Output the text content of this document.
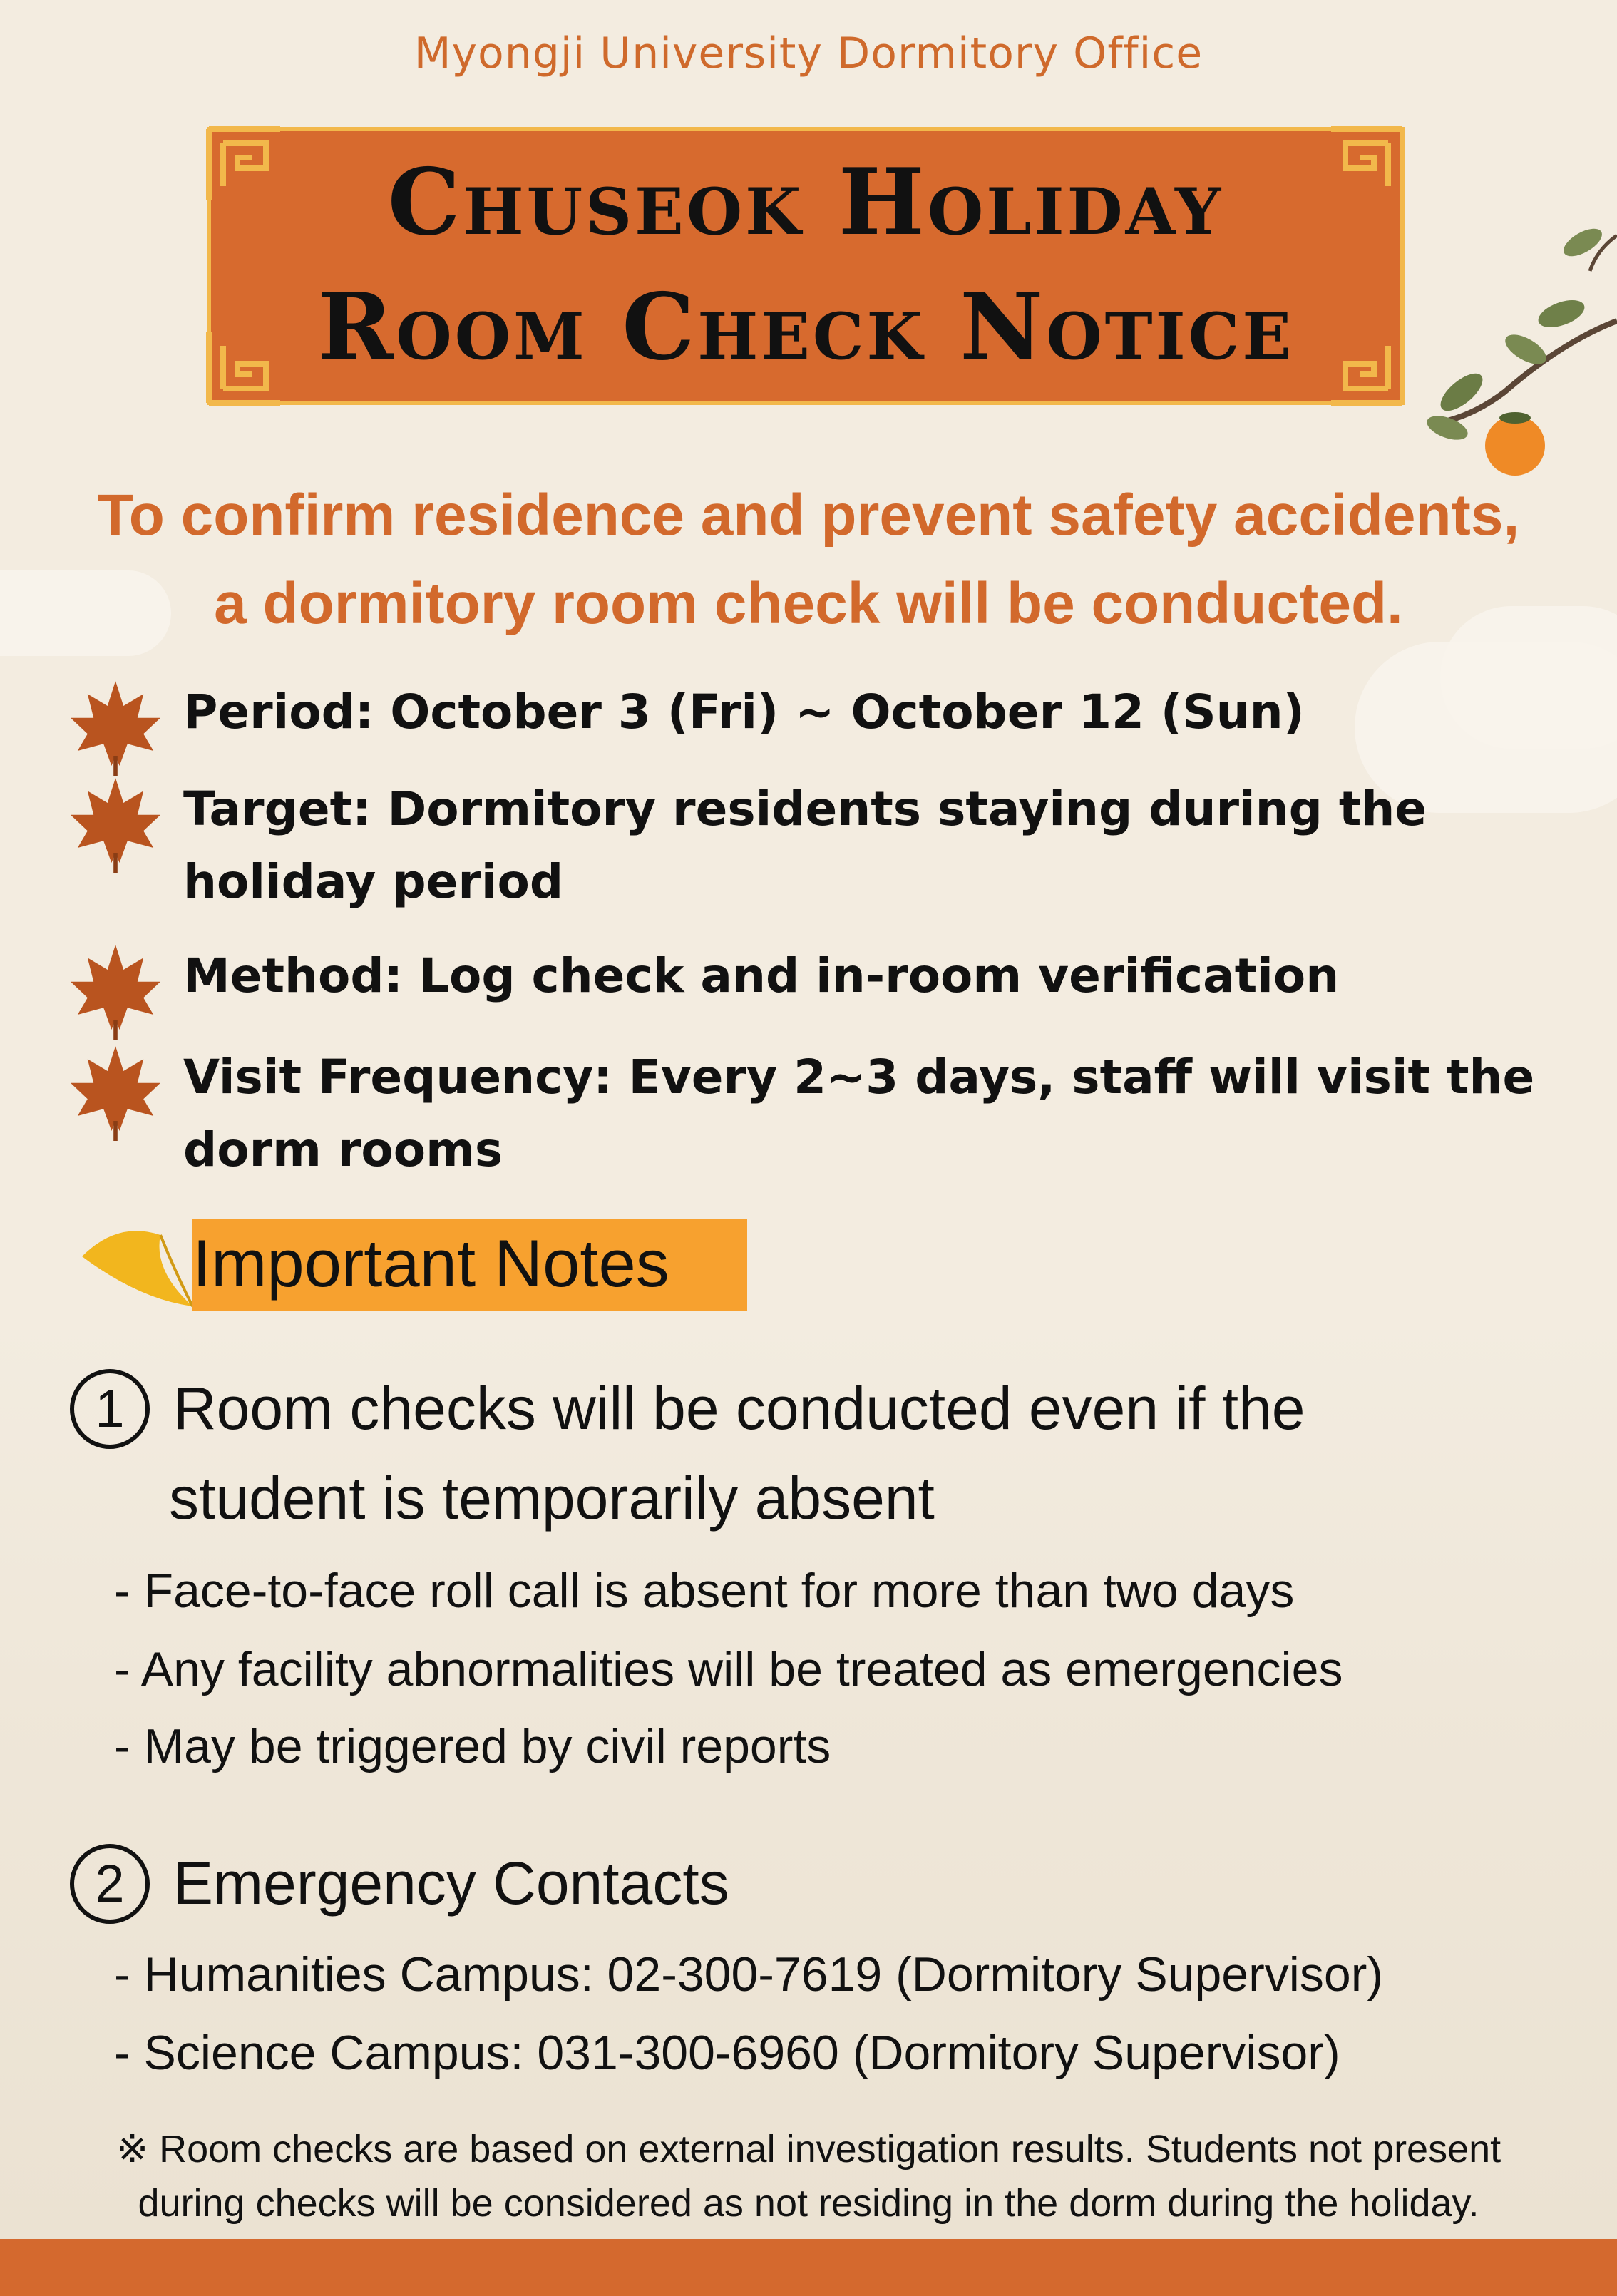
Myongji University Dormitory Office
Chuseok Holiday
Room Check Notice
To confirm residence and prevent safety accidents,
a dormitory room check will be conducted.
Period: October 3 (Fri) ~ October 12 (Sun)
Target: Dormitory residents staying during the holiday period
Method: Log check and in-room verification
Visit Frequency: Every 2~3 days, staff will visit the dorm rooms
Important Notes
1 Room checks will be conducted even if the
student is temporarily absent
- Face-to-face roll call is absent for more than two days
- Any facility abnormalities will be treated as emergencies
- May be triggered by civil reports
2 Emergency Contacts
- Humanities Campus: 02-300-7619 (Dormitory Supervisor)
- Science Campus: 031-300-6960 (Dormitory Supervisor)
※ Room checks are based on external investigation results. Students not present
during checks will be considered as not residing in the dorm during the holiday.
